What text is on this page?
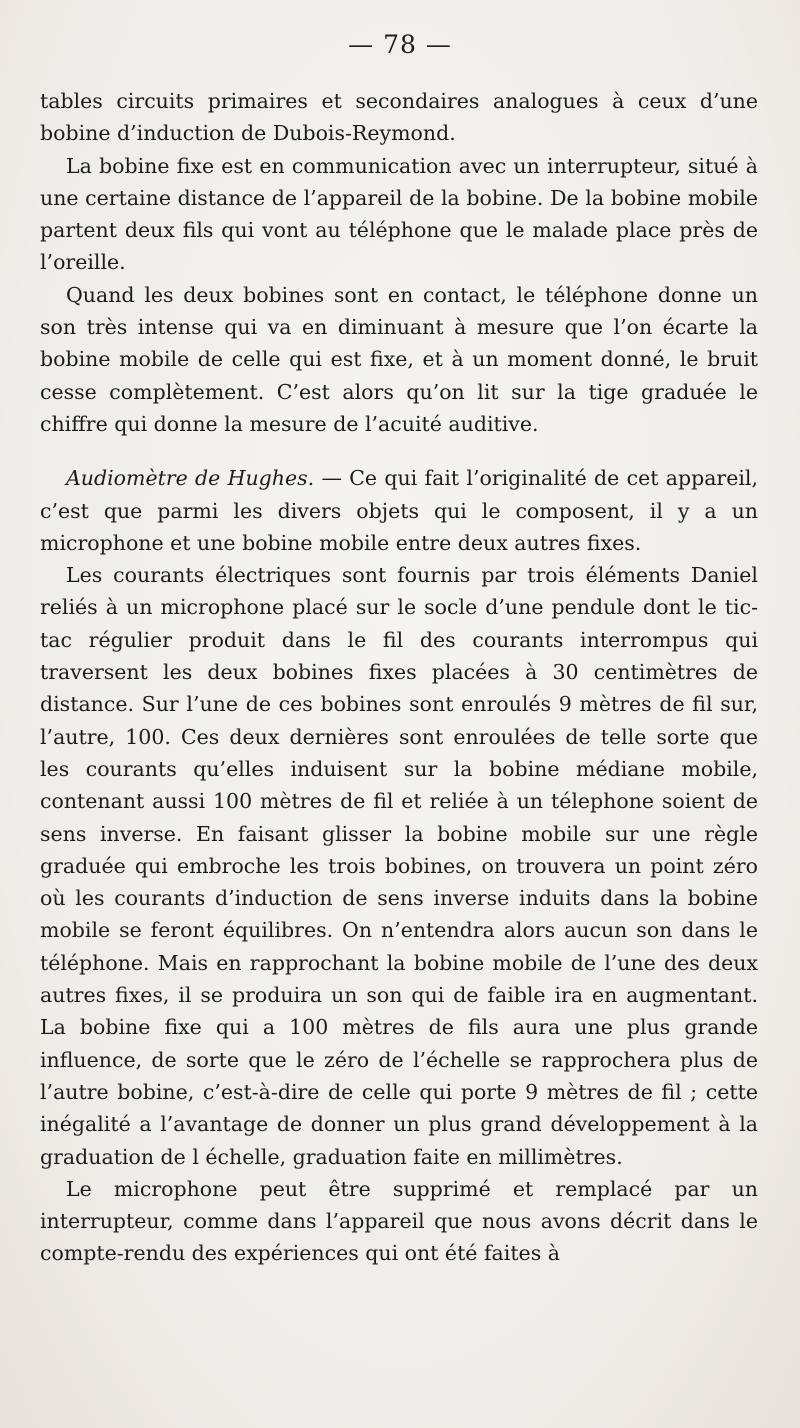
— 78 —

tables circuits primaires et secondaires analogues à ceux d’une bobine d’induction de Dubois-Reymond.

La bobine fixe est en communication avec un interrupteur, situé à une certaine distance de l’appareil de la bobine. De la bobine mobile partent deux fils qui vont au téléphone que le malade place près de l’oreille.

Quand les deux bobines sont en contact, le téléphone donne un son très intense qui va en diminuant à mesure que l’on écarte la bobine mobile de celle qui est fixe, et à un moment donné, le bruit cesse complètement. C’est alors qu’on lit sur la tige graduée le chiffre qui donne la mesure de l’acuité auditive.

Audiomètre de Hughes. — Ce qui fait l’originalité de cet appareil, c’est que parmi les divers objets qui le composent, il y a un microphone et une bobine mobile entre deux autres fixes.

Les courants électriques sont fournis par trois éléments Daniel reliés à un microphone placé sur le socle d’une pendule dont le tic-tac régulier produit dans le fil des courants interrompus qui traversent les deux bobines fixes placées à 30 centimètres de distance. Sur l’une de ces bobines sont enroulés 9 mètres de fil sur, l’autre, 100. Ces deux dernières sont enroulées de telle sorte que les courants qu’elles induisent sur la bobine médiane mobile, contenant aussi 100 mètres de fil et reliée à un télephone soient de sens inverse. En faisant glisser la bobine mobile sur une règle graduée qui embroche les trois bobines, on trouvera un point zéro où les courants d’induction de sens inverse induits dans la bobine mobile se feront équilibres. On n’entendra alors aucun son dans le téléphone. Mais en rapprochant la bobine mobile de l’une des deux autres fixes, il se produira un son qui de faible ira en augmentant. La bobine fixe qui a 100 mètres de fils aura une plus grande influence, de sorte que le zéro de l’échelle se rapprochera plus de l’autre bobine, c’est-à-dire de celle qui porte 9 mètres de fil ; cette inégalité a l’avantage de donner un plus grand développement à la graduation de l échelle, graduation faite en millimètres.

Le microphone peut être supprimé et remplacé par un interrupteur, comme dans l’appareil que nous avons décrit dans le compte-rendu des expériences qui ont été faites à
